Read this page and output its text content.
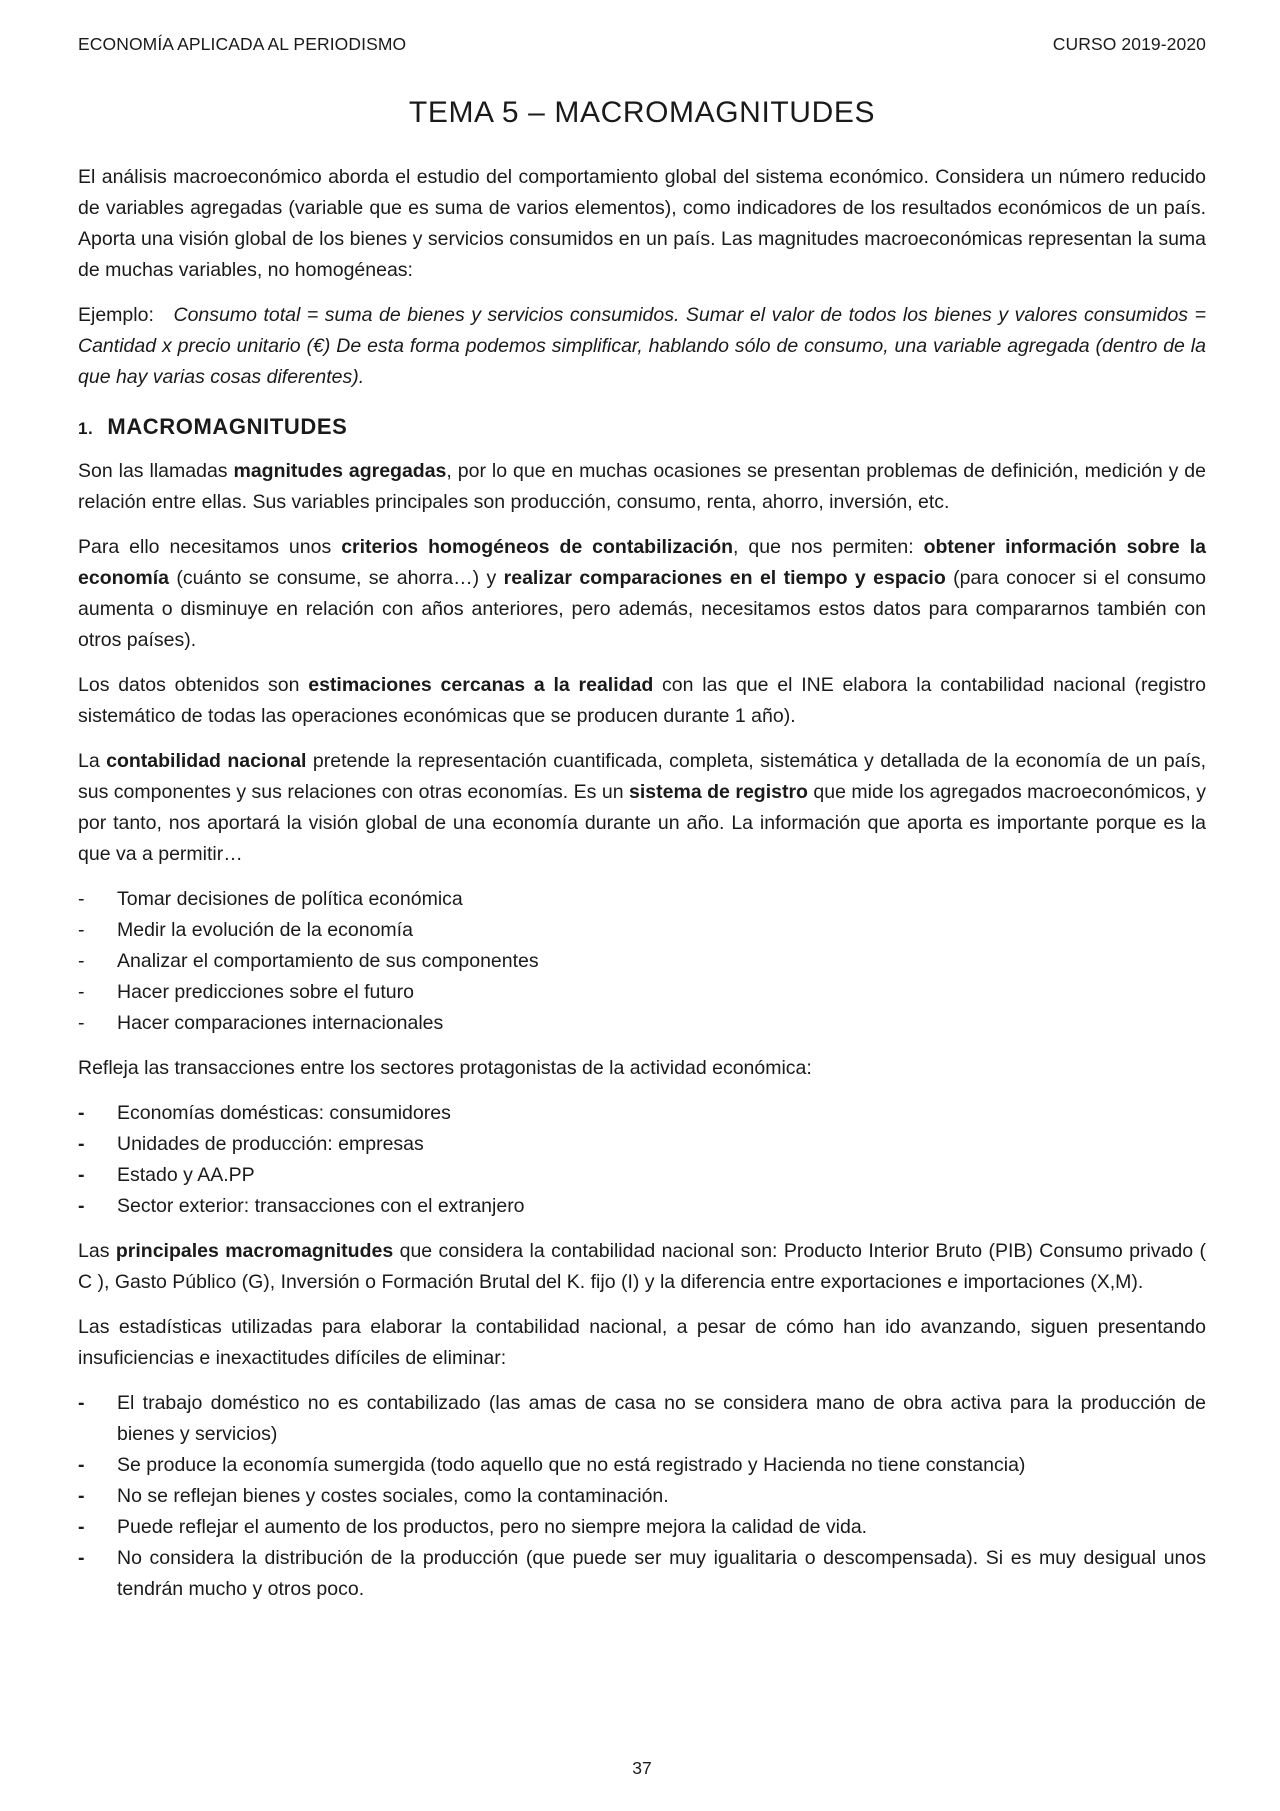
ECONOMÍA APLICADA AL PERIODISMO	CURSO 2019-2020
TEMA 5 – MACROMAGNITUDES

El análisis macroeconómico aborda el estudio del comportamiento global del sistema económico. Considera un número reducido de variables agregadas (variable que es suma de varios elementos), como indicadores de los resultados económicos de un país. Aporta una visión global de los bienes y servicios consumidos en un país. Las magnitudes macroeconómicas representan la suma de muchas variables, no homogéneas:

Ejemplo: Consumo total = suma de bienes y servicios consumidos. Sumar el valor de todos los bienes y valores consumidos = Cantidad x precio unitario (€) De esta forma podemos simplificar, hablando sólo de consumo, una variable agregada (dentro de la que hay varias cosas diferentes).

1. MACROMAGNITUDES

Son las llamadas magnitudes agregadas, por lo que en muchas ocasiones se presentan problemas de definición, medición y de relación entre ellas. Sus variables principales son producción, consumo, renta, ahorro, inversión, etc.

Para ello necesitamos unos criterios homogéneos de contabilización, que nos permiten: obtener información sobre la economía (cuánto se consume, se ahorra…) y realizar comparaciones en el tiempo y espacio (para conocer si el consumo aumenta o disminuye en relación con años anteriores, pero además, necesitamos estos datos para compararnos también con otros países).

Los datos obtenidos son estimaciones cercanas a la realidad con las que el INE elabora la contabilidad nacional (registro sistemático de todas las operaciones económicas que se producen durante 1 año).

La contabilidad nacional pretende la representación cuantificada, completa, sistemática y detallada de la economía de un país, sus componentes y sus relaciones con otras economías. Es un sistema de registro que mide los agregados macroeconómicos, y por tanto, nos aportará la visión global de una economía durante un año. La información que aporta es importante porque es la que va a permitir…

- Tomar decisiones de política económica
- Medir la evolución de la economía
- Analizar el comportamiento de sus componentes
- Hacer predicciones sobre el futuro
- Hacer comparaciones internacionales

Refleja las transacciones entre los sectores protagonistas de la actividad económica:

- Economías domésticas: consumidores
- Unidades de producción: empresas
- Estado y AA.PP
- Sector exterior: transacciones con el extranjero

Las principales macromagnitudes que considera la contabilidad nacional son: Producto Interior Bruto (PIB) Consumo privado ( C ), Gasto Público (G), Inversión o Formación Brutal del K. fijo (I) y la diferencia entre exportaciones e importaciones (X,M).

Las estadísticas utilizadas para elaborar la contabilidad nacional, a pesar de cómo han ido avanzando, siguen presentando insuficiencias e inexactitudes difíciles de eliminar:

- El trabajo doméstico no es contabilizado (las amas de casa no se considera mano de obra activa para la producción de bienes y servicios)
- Se produce la economía sumergida (todo aquello que no está registrado y Hacienda no tiene constancia)
- No se reflejan bienes y costes sociales, como la contaminación.
- Puede reflejar el aumento de los productos, pero no siempre mejora la calidad de vida.
- No considera la distribución de la producción (que puede ser muy igualitaria o descompensada). Si es muy desigual unos tendrán mucho y otros poco.
37
